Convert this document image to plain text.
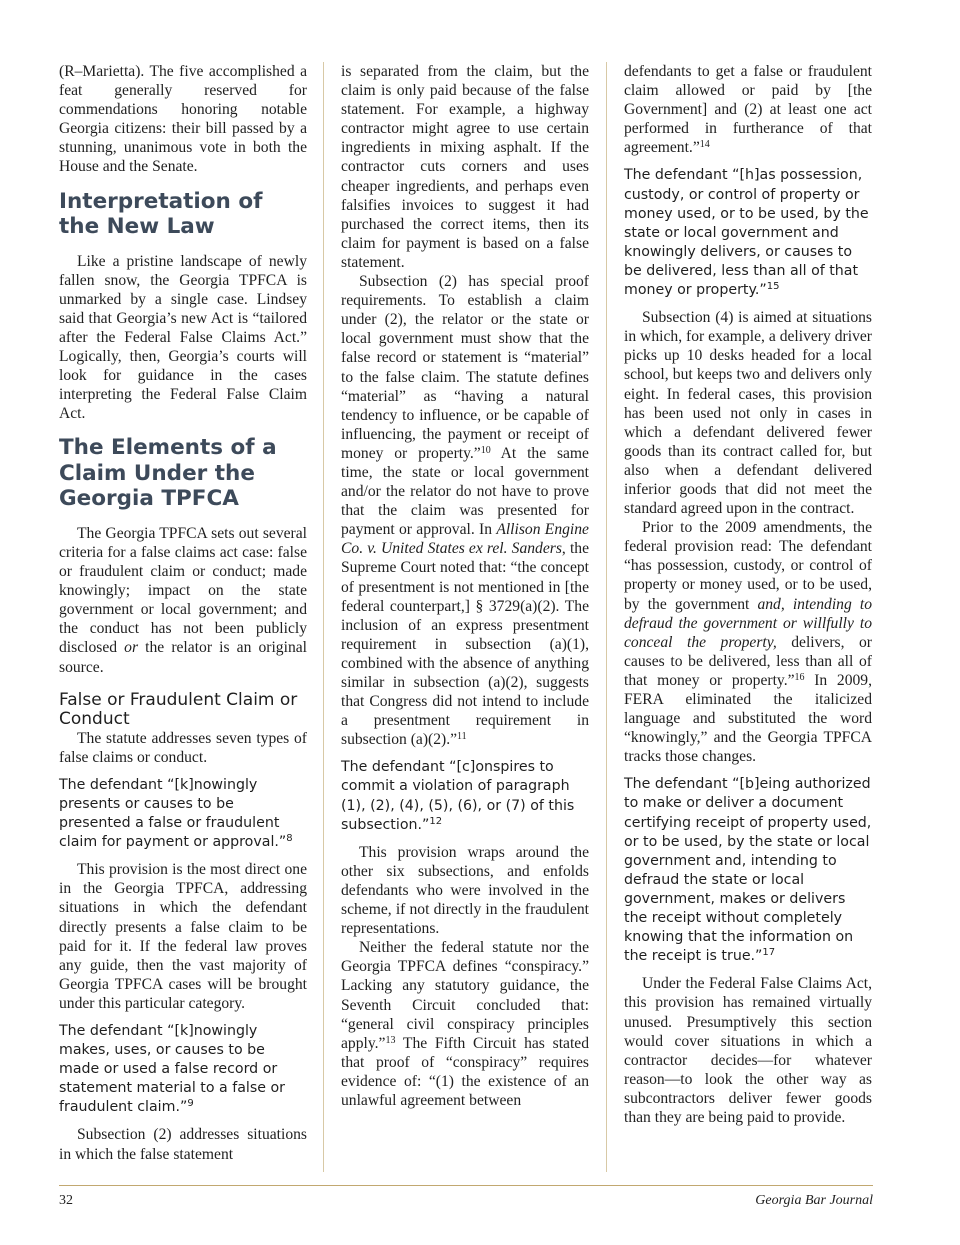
(R–Marietta). The five accomplished a feat generally reserved for commendations honoring notable Georgia citizens: their bill passed by a stunning, unanimous vote in both the House and the Senate.

Interpretation of the New Law

Like a pristine landscape of newly fallen snow, the Georgia TPFCA is unmarked by a single case. Lindsey said that Georgia’s new Act is “tailored after the Federal False Claims Act.” Logically, then, Georgia’s courts will look for guidance in the cases interpreting the Federal False Claim Act.

The Elements of a Claim Under the Georgia TPFCA

The Georgia TPFCA sets out several criteria for a false claims act case: false or fraudulent claim or conduct; made knowingly; impact on the state government or local government; and the conduct has not been publicly disclosed or the relator is an original source.

False or Fraudulent Claim or Conduct

The statute addresses seven types of false claims or conduct.

The defendant “[k]nowingly presents or causes to be presented a false or fraudulent claim for payment or approval.”$^8$

This provision is the most direct one in the Georgia TPFCA, addressing situations in which the defendant directly presents a false claim to be paid for it. If the federal law proves any guide, then the vast majority of Georgia TPFCA cases will be brought under this particular category.

The defendant “[k]nowingly makes, uses, or causes to be made or used a false record or statement material to a false or fraudulent claim.”$^9$

Subsection (2) addresses situations in which the false statement

is separated from the claim, but the claim is only paid because of the false statement. For example, a highway contractor might agree to use certain ingredients in mixing asphalt. If the contractor cuts corners and uses cheaper ingredients, and perhaps even falsifies invoices to suggest it had purchased the correct items, then its claim for payment is based on a false statement.

Subsection (2) has special proof requirements. To establish a claim under (2), the relator or the state or local government must show that the false record or statement is “material” to the false claim. The statute defines “material” as “having a natural tendency to influence, or be capable of influencing, the payment or receipt of money or property.”$^{10}$ At the same time, the state or local government and/or the relator do not have to prove that the claim was presented for payment or approval. In Allison Engine Co. v. United States ex rel. Sanders, the Supreme Court noted that: “the concept of presentment is not mentioned in [the federal counterpart,] § 3729(a)(2). The inclusion of an express presentment requirement in subsection (a)(1), combined with the absence of anything similar in subsection (a)(2), suggests that Congress did not intend to include a presentment requirement in subsection (a)(2).”$^{11}$

The defendant “[c]onspires to commit a violation of paragraph (1), (2), (4), (5), (6), or (7) of this subsection.”$^{12}$

This provision wraps around the other six subsections, and enfolds defendants who were involved in the scheme, if not directly in the fraudulent representations.

Neither the federal statute nor the Georgia TPFCA defines “conspiracy.” Lacking any statutory guidance, the Seventh Circuit concluded that: “general civil conspiracy principles apply.”$^{13}$ The Fifth Circuit has stated that proof of “conspiracy” requires evidence of: “(1) the existence of an unlawful agreement between

defendants to get a false or fraudulent claim allowed or paid by [the Government] and (2) at least one act performed in furtherance of that agreement.”$^{14}$

The defendant “[h]as possession, custody, or control of property or money used, or to be used, by the state or local government and knowingly delivers, or causes to be delivered, less than all of that money or property.”$^{15}$

Subsection (4) is aimed at situations in which, for example, a delivery driver picks up 10 desks headed for a local school, but keeps two and delivers only eight. In federal cases, this provision has been used not only in cases in which a defendant delivered fewer goods than its contract called for, but also when a defendant delivered inferior goods that did not meet the standard agreed upon in the contract.

Prior to the 2009 amendments, the federal provision read: The defendant “has possession, custody, or control of property or money used, or to be used, by the government and, intending to defraud the government or willfully to conceal the property, delivers, or causes to be delivered, less than all of that money or property.”$^{16}$ In 2009, FERA eliminated the italicized language and substituted the word “knowingly,” and the Georgia TPFCA tracks those changes.

The defendant “[b]eing authorized to make or deliver a document certifying receipt of property used, or to be used, by the state or local government and, intending to defraud the state or local government, makes or delivers the receipt without completely knowing that the information on the receipt is true.”$^{17}$

Under the Federal False Claims Act, this provision has remained virtually unused. Presumptively this section would cover situations in which a contractor decides—for whatever reason—to look the other way as subcontractors deliver fewer goods than they are being paid to provide.

32	Georgia Bar Journal
